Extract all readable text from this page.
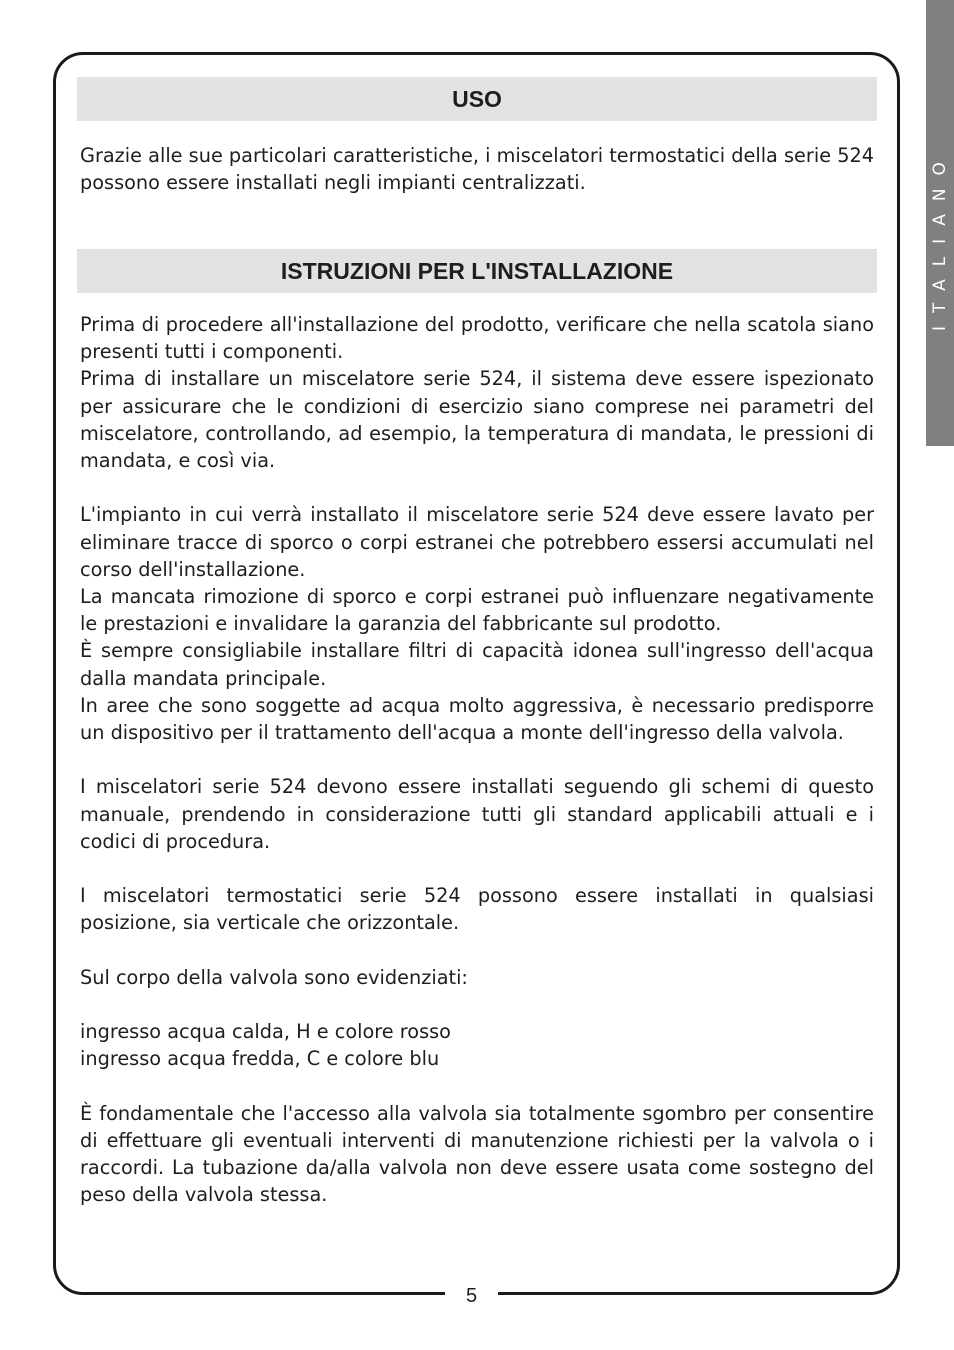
ITALIANO
USO

Grazie alle sue particolari caratteristiche, i miscelatori termostatici della serie 524 possono essere installati negli impianti centralizzati.

ISTRUZIONI PER L'INSTALLAZIONE

Prima di procedere all'installazione del prodotto, verificare che nella scatola siano presenti tutti i componenti.

Prima di installare un miscelatore serie 524, il sistema deve essere ispezionato per assicurare che le condizioni di esercizio siano comprese nei parametri del miscelatore, controllando, ad esempio, la temperatura di mandata, le pressioni di mandata, e così via.

L'impianto in cui verrà installato il miscelatore serie 524 deve essere lavato per eliminare tracce di sporco o corpi estranei che potrebbero essersi accumulati nel corso dell'installazione.

La mancata rimozione di sporco e corpi estranei può influenzare negativamente le prestazioni e invalidare la garanzia del fabbricante sul prodotto.

È sempre consigliabile installare filtri di capacità idonea sull'ingresso dell'acqua dalla mandata principale.

In aree che sono soggette ad acqua molto aggressiva, è necessario predisporre un dispositivo per il trattamento dell'acqua a monte dell'ingresso della valvola.

I miscelatori serie 524 devono essere installati seguendo gli schemi di questo manuale, prendendo in considerazione tutti gli standard applicabili attuali e i codici di procedura.

I miscelatori termostatici serie 524 possono essere installati in qualsiasi posizione, sia verticale che orizzontale.

Sul corpo della valvola sono evidenziati:

ingresso acqua calda, H e colore rosso

ingresso acqua fredda, C e colore blu

È fondamentale che l'accesso alla valvola sia totalmente sgombro per consentire di effettuare gli eventuali interventi di manutenzione richiesti per la valvola o i raccordi. La tubazione da/alla valvola non deve essere usata come sostegno del peso della valvola stessa.

5
